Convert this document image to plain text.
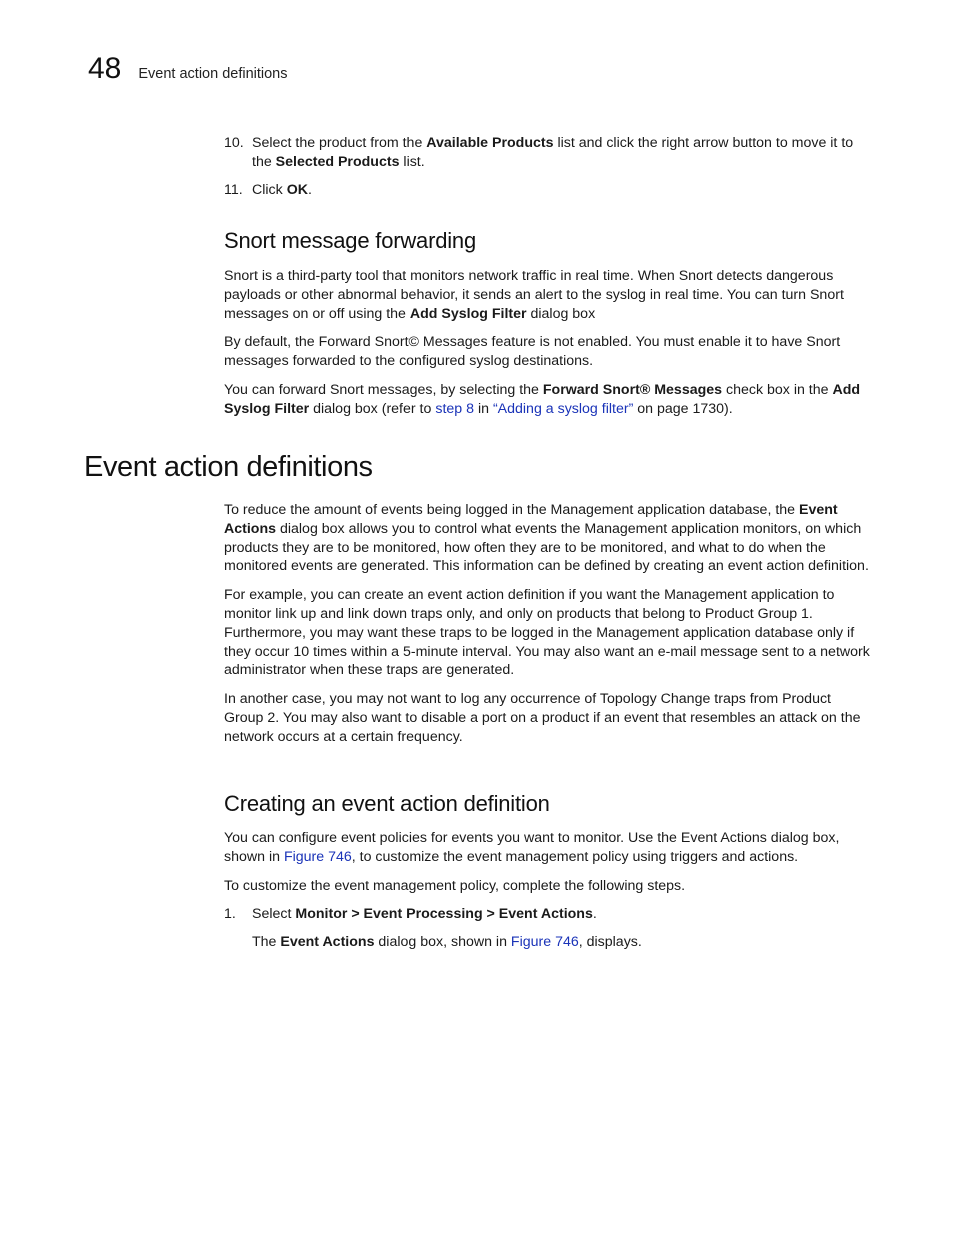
48 Event action definitions
10. Select the product from the Available Products list and click the right arrow button to move it to the Selected Products list.
11. Click OK.
Snort message forwarding

Snort is a third-party tool that monitors network traffic in real time. When Snort detects dangerous payloads or other abnormal behavior, it sends an alert to the syslog in real time. You can turn Snort messages on or off using the Add Syslog Filter dialog box

By default, the Forward Snort© Messages feature is not enabled. You must enable it to have Snort messages forwarded to the configured syslog destinations.

You can forward Snort messages, by selecting the Forward Snort® Messages check box in the Add Syslog Filter dialog box (refer to step 8 in “Adding a syslog filter” on page 1730).

Event action definitions

To reduce the amount of events being logged in the Management application database, the Event Actions dialog box allows you to control what events the Management application monitors, on which products they are to be monitored, how often they are to be monitored, and what to do when the monitored events are generated. This information can be defined by creating an event action definition.

For example, you can create an event action definition if you want the Management application to monitor link up and link down traps only, and only on products that belong to Product Group 1. Furthermore, you may want these traps to be logged in the Management application database only if they occur 10 times within a 5-minute interval. You may also want an e-mail message sent to a network administrator when these traps are generated.

In another case, you may not want to log any occurrence of Topology Change traps from Product Group 2. You may also want to disable a port on a product if an event that resembles an attack on the network occurs at a certain frequency.

Creating an event action definition

You can configure event policies for events you want to monitor. Use the Event Actions dialog box, shown in Figure 746, to customize the event management policy using triggers and actions.

To customize the event management policy, complete the following steps.

1. Select Monitor > Event Processing > Event Actions.

The Event Actions dialog box, shown in Figure 746, displays.
